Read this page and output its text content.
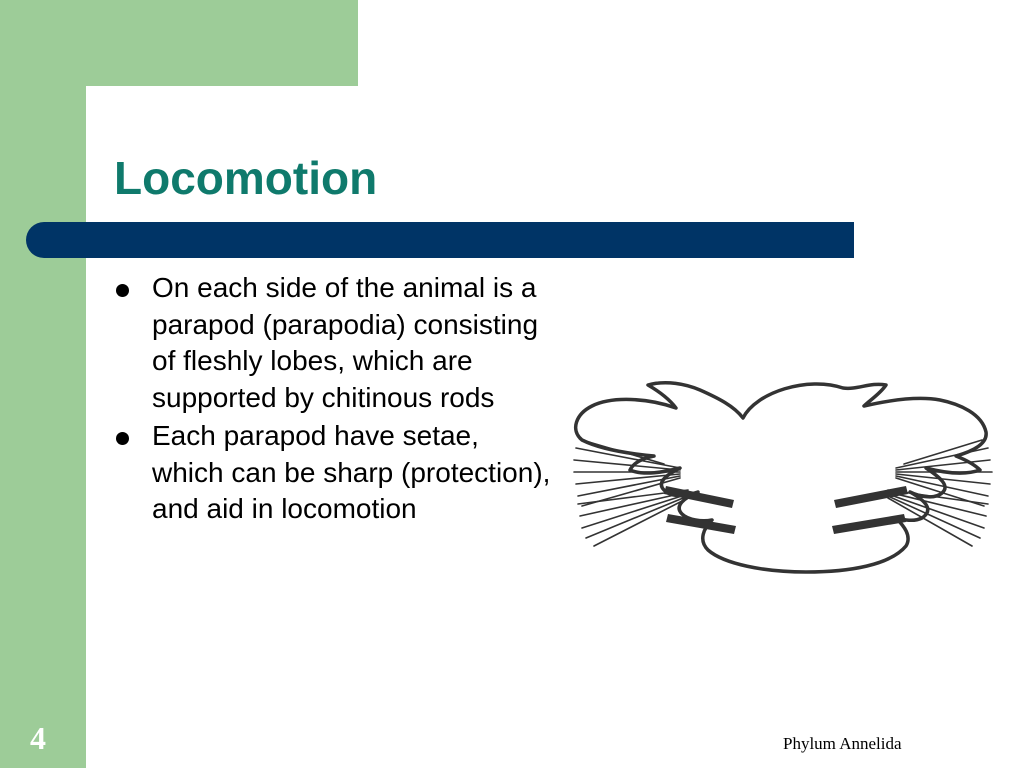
Locomotion
On each side of the animal is a parapod (parapodia) consisting of fleshly lobes, which are supported by chitinous rods
Each parapod have setae, which can be sharp (protection), and aid in locomotion
4	Phylum Annelida
